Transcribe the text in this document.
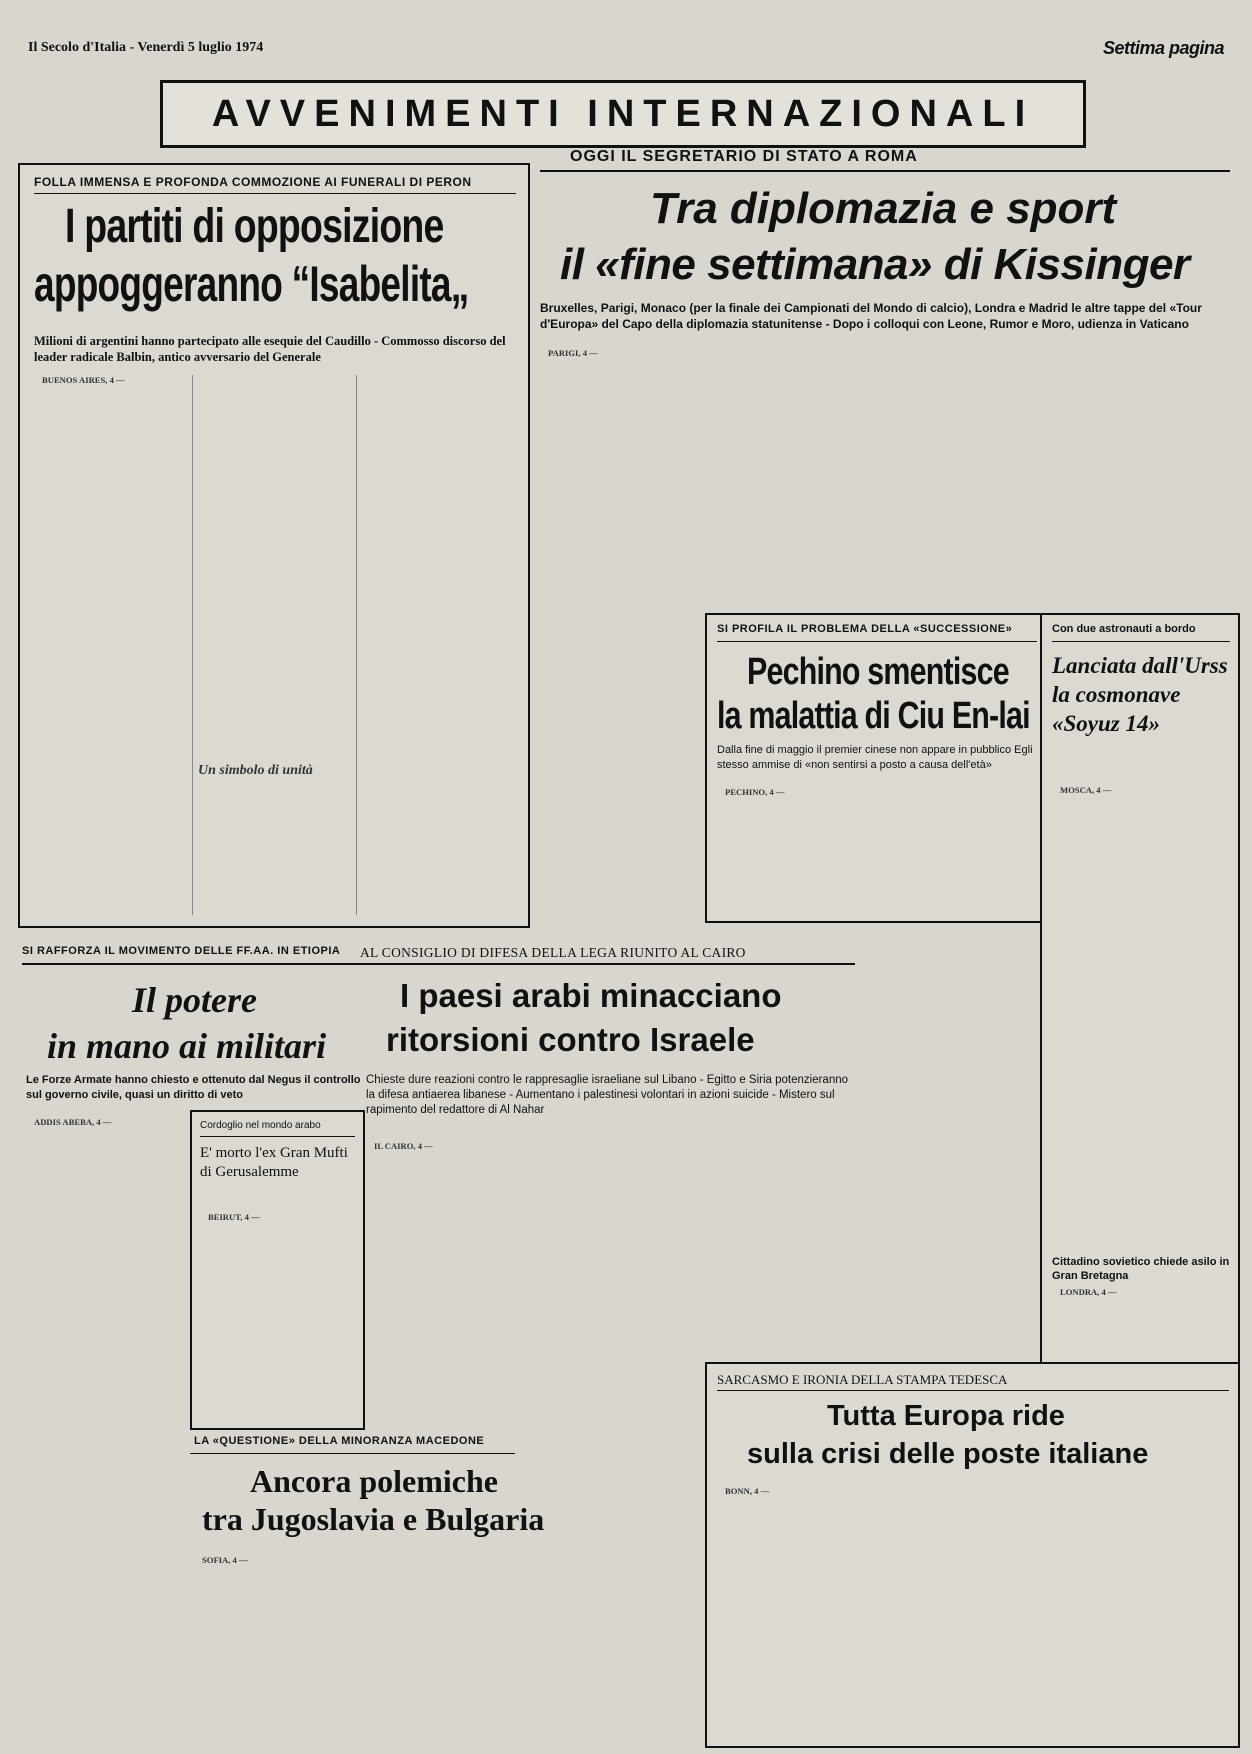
Il Secolo d'Italia - Venerdì 5 luglio 1974	Settima pagina
AVVENIMENTI INTERNAZIONALI
FOLLA IMMENSA E PROFONDA COMMOZIONE AI FUNERALI DI PERON
I partiti di opposizione
appoggeranno “Isabelita„
Milioni di argentini hanno partecipato alle esequie del Caudillo - Commosso discorso del leader radicale Balbin, antico avversario del Generale

BUENOS AIRES, 4 —

Un simbolo di unità
OGGI IL SEGRETARIO DI STATO A ROMA
Tra diplomazia e sport
il «fine settimana» di Kissinger
Bruxelles, Parigi, Monaco (per la finale dei Campionati del Mondo di calcio), Londra e Madrid le altre tappe del «Tour d'Europa» del Capo della diplomazia statunitense - Dopo i colloqui con Leone, Rumor e Moro, udienza in Vaticano

PARIGI, 4 —

SI PROFILA IL PROBLEMA DELLA «SUCCESSIONE»
Pechino smentisce
la malattia di Ciu En-lai
Dalla fine di maggio il premier cinese non appare in pubblico Egli stesso ammise di «non sentirsi a posto a causa dell'età»

PECHINO, 4 —

Con due astronauti a bordo
Lanciata dall'Urss la cosmonave «Soyuz 14»

MOSCA, 4 —

Cittadino sovietico chiede asilo in Gran Bretagna

LONDRA, 4 —

SI RAFFORZA IL MOVIMENTO DELLE FF.AA. IN ETIOPIA
Il potere
in mano ai militari
Le Forze Armate hanno chiesto e ottenuto dal Negus il controllo sul governo civile, quasi un diritto di veto

ADDIS ABEBA, 4 —	Cordoglio nel mondo arabo
E' morto l'ex Gran Mufti di Gerusalemme

BEIRUT, 4 —

AL CONSIGLIO DI DIFESA DELLA LEGA RIUNITO AL CAIRO
I paesi arabi minacciano
ritorsioni contro Israele
Chieste dure reazioni contro le rappresaglie israeliane sul Libano - Egitto e Siria potenzieranno la difesa antiaerea libanese - Aumentano i palestinesi volontari in azioni suicide - Mistero sul rapimento del redattore di Al Nahar

IL CAIRO, 4 —

LA «QUESTIONE» DELLA MINORANZA MACEDONE
Ancora polemiche
tra Jugoslavia e Bulgaria

SOFIA, 4 —

SARCASMO E IRONIA DELLA STAMPA TEDESCA
Tutta Europa ride
sulla crisi delle poste italiane

BONN, 4 —
